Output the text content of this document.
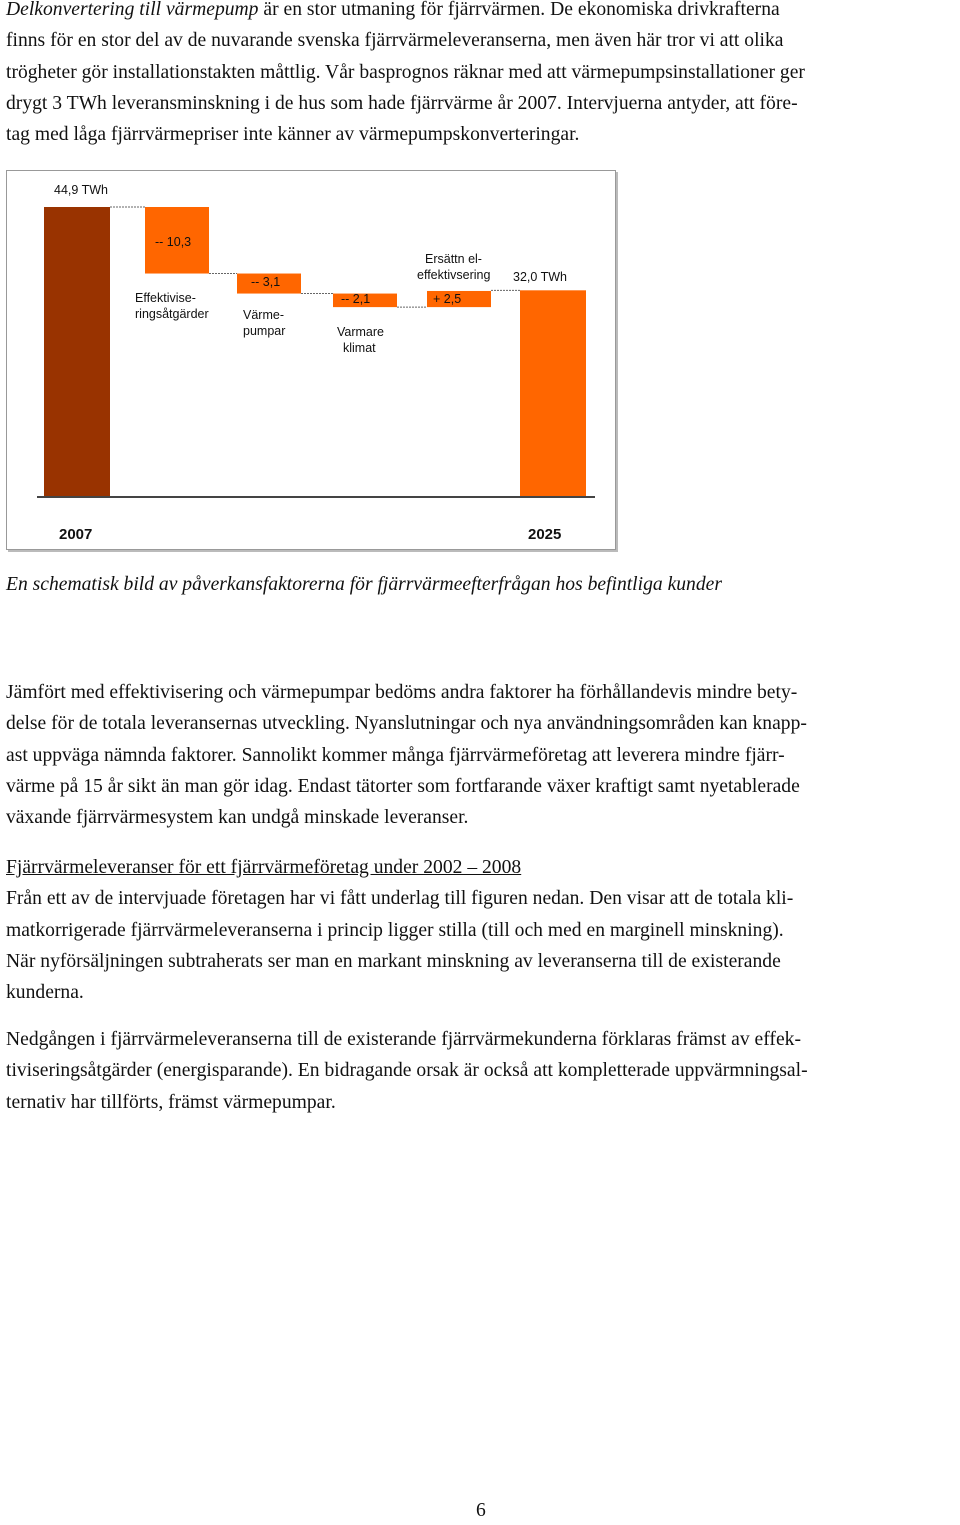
Delkonvertering till värmepump är en stor utmaning för fjärrvärmen. De ekonomiska drivkrafterna
finns för en stor del av de nuvarande svenska fjärrvärmeleveranserna, men även här tror vi att olika
trögheter gör installationstakten måttlig. Vår basprognos räknar med att värmepumpsinstallationer ger
drygt 3 TWh leveransminskning i de hus som hade fjärrvärme år 2007. Intervjuerna antyder, att före-
tag med låga fjärrvärmepriser inte känner av värmepumpskonverteringar.
44,9 TWh
32,0 TWh
-- 10,3
Effektivise-
ringsåtgärder
-- 3,1
Värme-
pumpar
-- 2,1
Varmare
klimat
Ersättn el-
effektivsering
+ 2,5
2007	2025
En schematisk bild av påverkansfaktorerna för fjärrvärmeefterfrågan hos befintliga kunder
Jämfört med effektivisering och värmepumpar bedöms andra faktorer ha förhållandevis mindre bety-
delse för de totala leveransernas utveckling. Nyanslutningar och nya användningsområden kan knapp-
ast uppväga nämnda faktorer. Sannolikt kommer många fjärrvärmeföretag att leverera mindre fjärr-
värme på 15 år sikt än man gör idag. Endast tätorter som fortfarande växer kraftigt samt nyetablerade
växande fjärrvärmesystem kan undgå minskade leveranser.
Fjärrvärmeleveranser för ett fjärrvärmeföretag under 2002 – 2008
Från ett av de intervjuade företagen har vi fått underlag till figuren nedan. Den visar att de totala kli-
matkorrigerade fjärrvärmeleveranserna i princip ligger stilla (till och med en marginell minskning).
När nyförsäljningen subtraherats ser man en markant minskning av leveranserna till de existerande
kunderna.
Nedgången i fjärrvärmeleveranserna till de existerande fjärrvärmekunderna förklaras främst av effek-
tiviseringsåtgärder (energisparande). En bidragande orsak är också att kompletterade uppvärmningsal-
ternativ har tillförts, främst värmepumpar.
6
